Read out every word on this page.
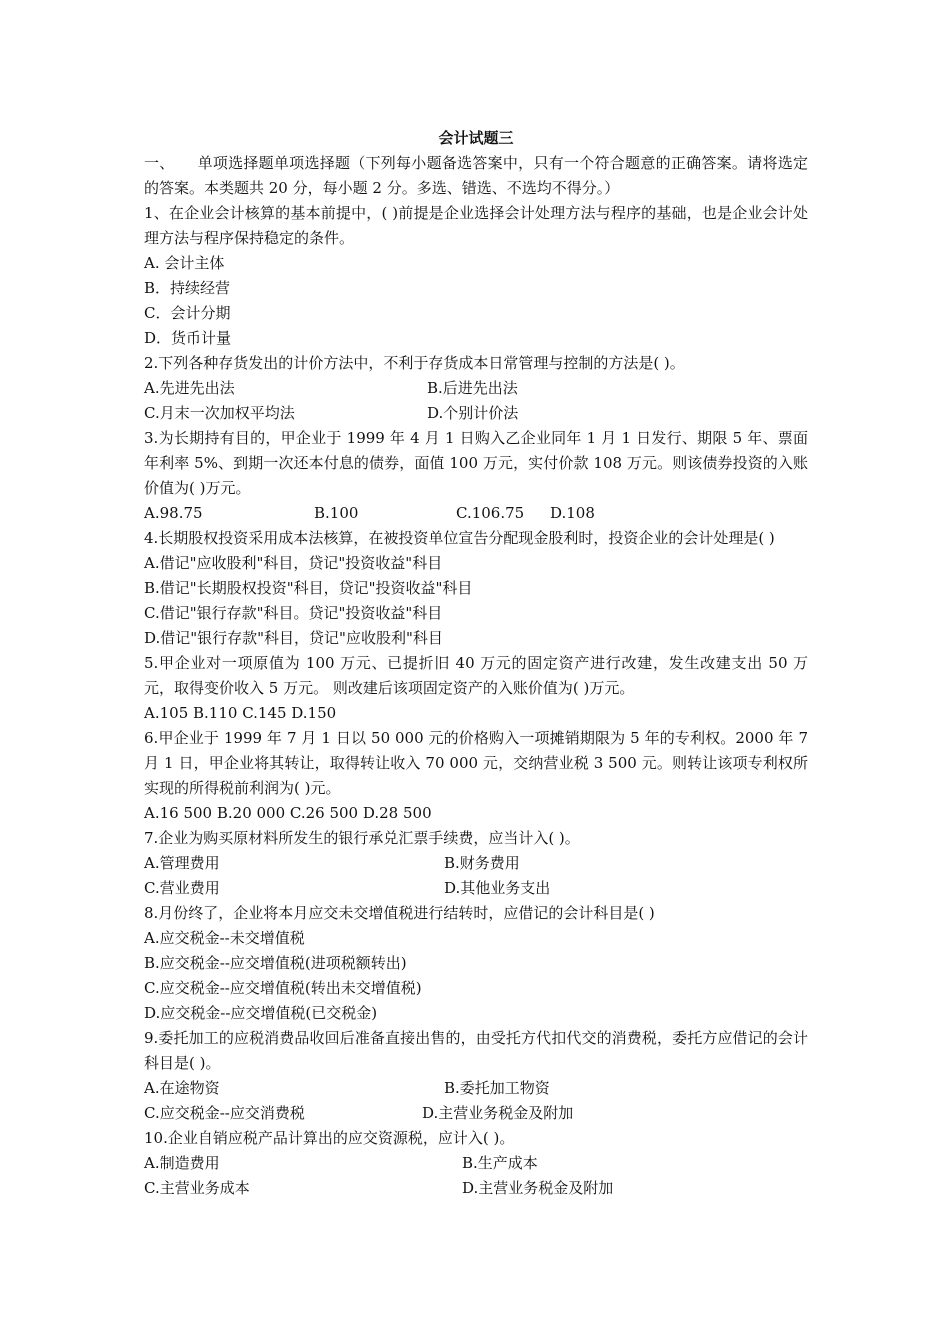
会计试题三

一、　　单项选择题单项选择题（下列每小题备选答案中，只有一个符合题意的正确答案。请将选定的答案。本类题共 20 分，每小题 2 分。多选、错选、不选均不得分。）

1、在企业会计核算的基本前提中，( )前提是企业选择会计处理方法与程序的基础，也是企业会计处理方法与程序保持稳定的条件。

A. 会计主体
B．持续经营
C．会计分期
D．货币计量

2.下列各种存货发出的计价方法中，不利于存货成本日常管理与控制的方法是( )。

A.先进先出法	B.后进先出法
C.月末一次加权平均法	D.个别计价法

3.为长期持有目的，甲企业于 1999 年 4 月 1 日购入乙企业同年 1 月 1 日发行、期限 5 年、票面年利率 5%、到期一次还本付息的债券，面值 100 万元，实付价款 108 万元。则该债券投资的入账价值为( )万元。

A.98.75	B.100	C.106.75	D.108

4.长期股权投资采用成本法核算，在被投资单位宣告分配现金股利时，投资企业的会计处理是( )

A.借记"应收股利"科目，贷记"投资收益"科目
B.借记"长期股权投资"科目，贷记"投资收益"科目
C.借记"银行存款"科目。贷记"投资收益"科目
D.借记"银行存款"科目，贷记"应收股利"科目

5.甲企业对一项原值为 100 万元、已提折旧 40 万元的固定资产进行改建，发生改建支出 50 万元，取得变价收入 5 万元。 则改建后该项固定资产的入账价值为( )万元。

A.105 B.110 C.145 D.150

6.甲企业于 1999 年 7 月 1 日以 50 000 元的价格购入一项摊销期限为 5 年的专利权。2000 年 7 月 1 日，甲企业将其转让，取得转让收入 70 000 元，交纳营业税 3 500 元。则转让该项专利权所实现的所得税前利润为( )元。

A.16 500 B.20 000 C.26 500 D.28 500

7.企业为购买原材料所发生的银行承兑汇票手续费，应当计入( )。

A.管理费用	B.财务费用
C.营业费用	D.其他业务支出

8.月份终了，企业将本月应交未交增值税进行结转时，应借记的会计科目是( )

A.应交税金--未交增值税
B.应交税金--应交增值税(进项税额转出)
C.应交税金--应交增值税(转出未交增值税)
D.应交税金--应交增值税(已交税金)

9.委托加工的应税消费品收回后准备直接出售的，由受托方代扣代交的消费税，委托方应借记的会计科目是( )。

A.在途物资	B.委托加工物资
C.应交税金--应交消费税	D.主营业务税金及附加

10.企业自销应税产品计算出的应交资源税，应计入( )。

A.制造费用	B.生产成本
C.主营业务成本	D.主营业务税金及附加
